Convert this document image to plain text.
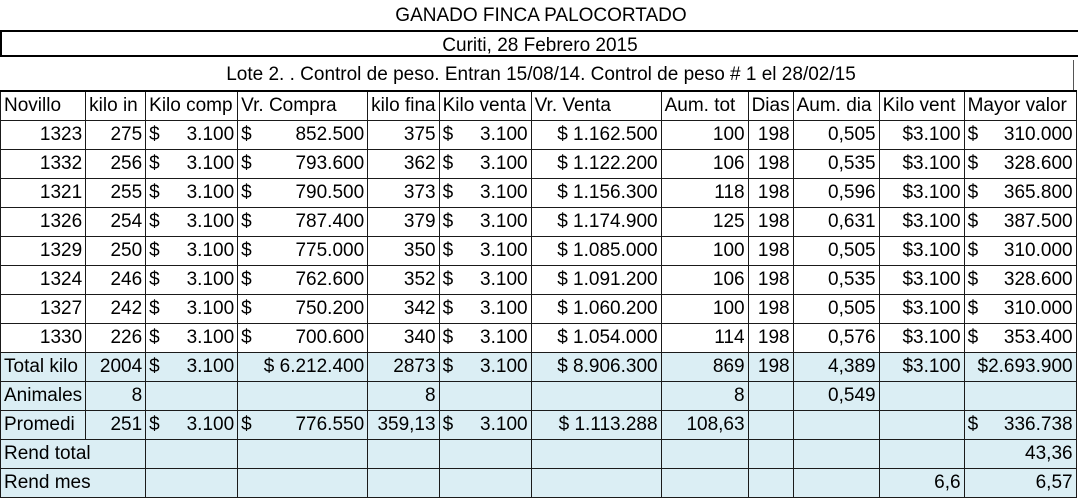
GANADO FINCA PALOCORTADO
Curiti, 28 Febrero 2015
Lote 2. . Control de peso. Entran 15/08/14. Control de peso # 1 el 28/02/15
Novillo	kilo in	Kilo comp	Vr. Compra	kilo fina	Kilo venta	Vr. Venta	Aum. tot	Dias	Aum. dia	Kilo vent	Mayor valor
1323	275	$ 3.100	$ 852.500	375	$ 3.100	$ 1.162.500	100	198	0,505	$3.100	$ 310.000

1332	256	$ 3.100	$ 793.600	362	$ 3.100	$ 1.122.200	106	198	0,535	$3.100	$ 328.600

1321	255	$ 3.100	$ 790.500	373	$ 3.100	$ 1.156.300	118	198	0,596	$3.100	$ 365.800

1326	254	$ 3.100	$ 787.400	379	$ 3.100	$ 1.174.900	125	198	0,631	$3.100	$ 387.500

1329	250	$ 3.100	$ 775.000	350	$ 3.100	$ 1.085.000	100	198	0,505	$3.100	$ 310.000

1324	246	$ 3.100	$ 762.600	352	$ 3.100	$ 1.091.200	106	198	0,535	$3.100	$ 328.600

1327	242	$ 3.100	$ 750.200	342	$ 3.100	$ 1.060.200	100	198	0,505	$3.100	$ 310.000

1330	226	$ 3.100	$ 700.600	340	$ 3.100	$ 1.054.000	114	198	0,576	$3.100	$ 353.400

Total kilo	2004	$ 3.100	$ 6.212.400	2873	$ 3.100	$ 8.906.300	869	198	4,389	$3.100	$2.693.900
Animales	8			8			8		0,549		
Promedi	251	$ 3.100	$ 776.550	359,13	$ 3.100	$ 1.113.288	108,63				$ 336.738

Rend total											43,36
Rend mes										6,6	6,57
